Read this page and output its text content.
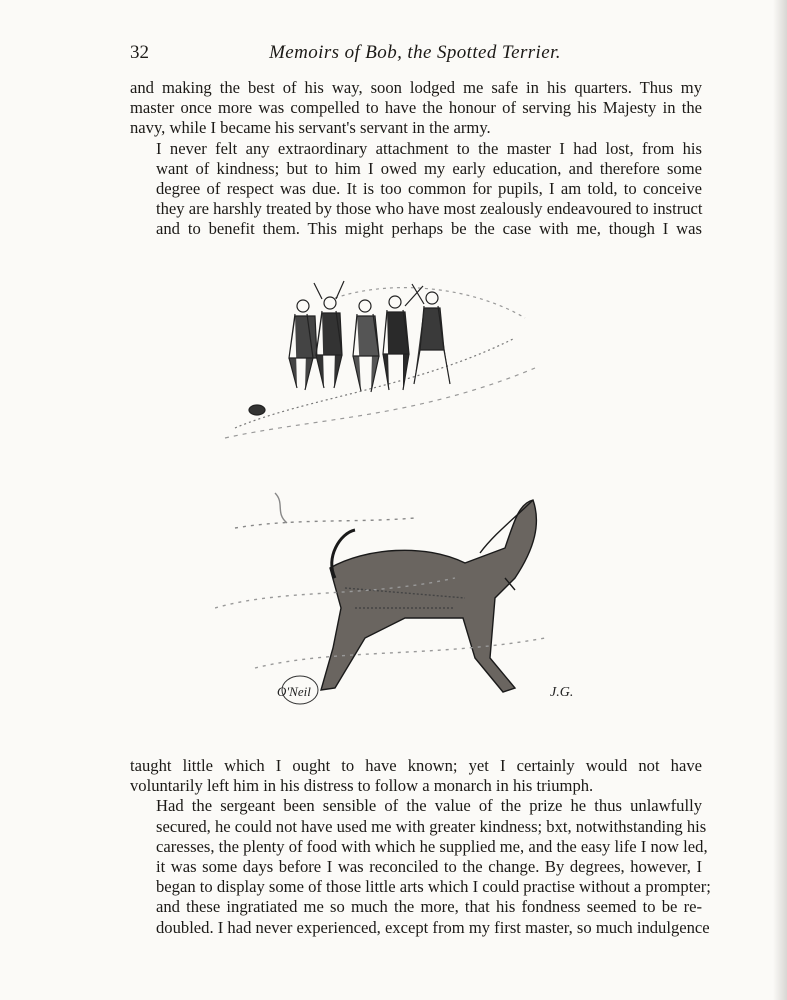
32	Memoirs of Bob, the Spotted Terrier.

and making the best of his way, soon lodged me safe in his quarters. Thus my
master once more was compelled to have the honour of serving his Majesty in the
navy, while I became his servant's servant in the army.

I never felt any extraordinary attachment to the master I had lost, from his
want of kindness; but to him I owed my early education, and therefore some
degree of respect was due. It is too common for pupils, I am told, to conceive
they are harshly treated by those who have most zealously endeavoured to instruct
and to benefit them. This might perhaps be the case with me, though I was

O'Neil	J.G.

taught little which I ought to have known; yet I certainly would not have
voluntarily left him in his distress to follow a monarch in his triumph.

Had the sergeant been sensible of the value of the prize he thus unlawfully
secured, he could not have used me with greater kindness; bxt, notwithstanding his
caresses, the plenty of food with which he supplied me, and the easy life I now led,
it was some days before I was reconciled to the change. By degrees, however, I
began to display some of those little arts which I could practise without a prompter;
and these ingratiated me so much the more, that his fondness seemed to be re-
doubled. I had never experienced, except from my first master, so much indulgence
